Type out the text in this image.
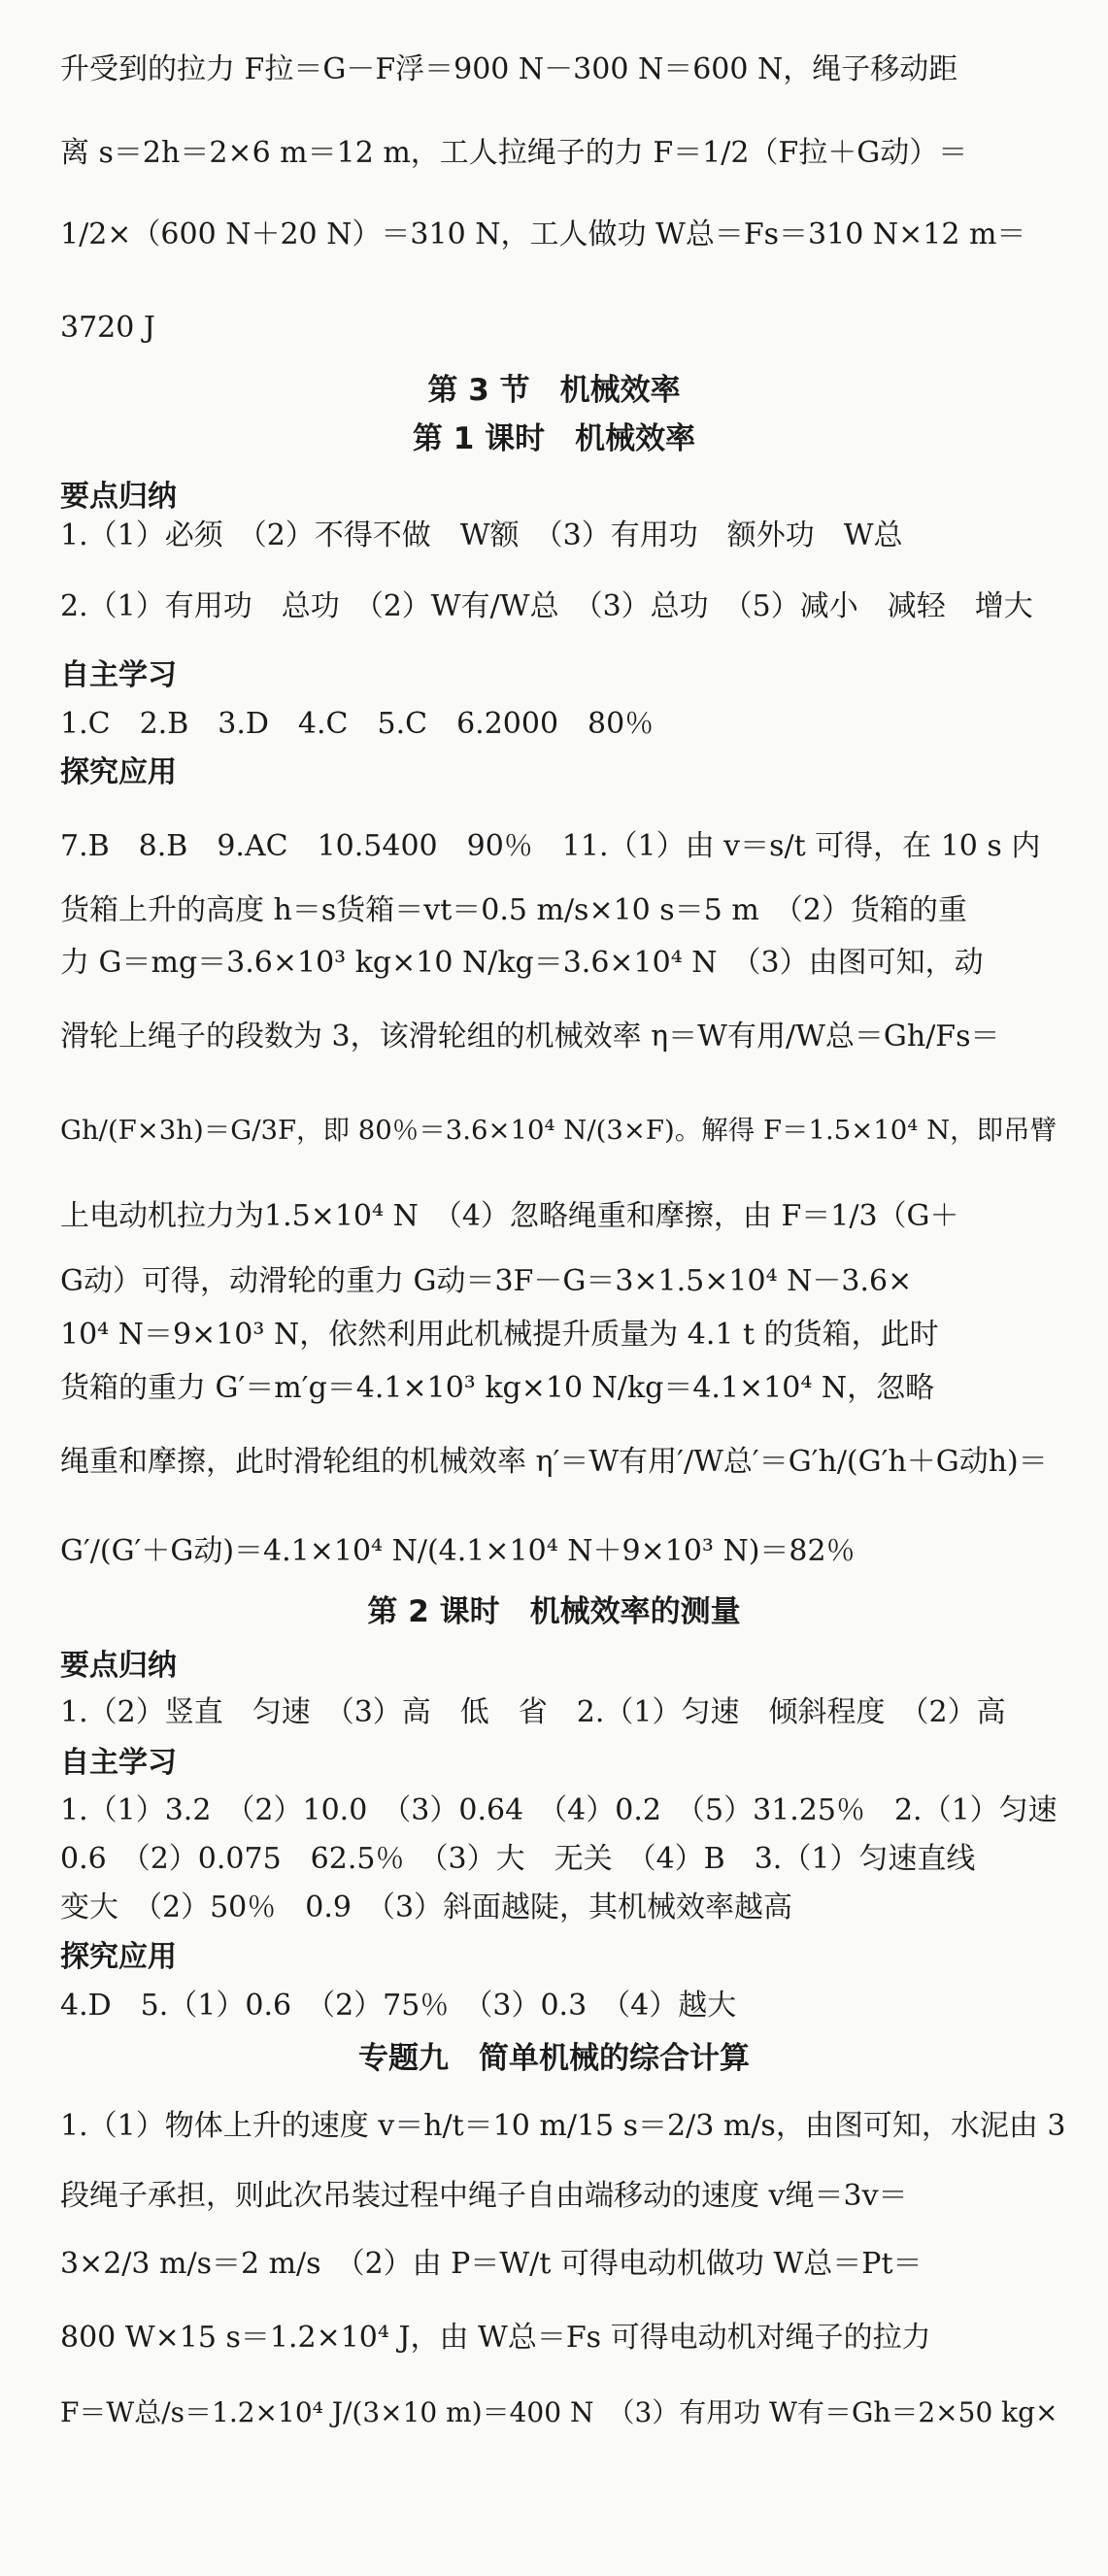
升受到的拉力 F拉＝G－F浮＝900 N－300 N＝600 N，绳子移动距
离 s＝2h＝2×6 m＝12 m，工人拉绳子的力 F＝1/2（F拉＋G动）＝
1/2×（600 N＋20 N）＝310 N，工人做功 W总＝Fs＝310 N×12 m＝
3720 J
第 3 节　机械效率
第 1 课时　机械效率
要点归纳
1.（1）必须　（2）不得不做　W额　（3）有用功　额外功　W总
2.（1）有用功　总功　（2）W有/W总　（3）总功　（5）减小　减轻　增大
自主学习
1.C　2.B　3.D　4.C　5.C　6.2000　80％
探究应用
7.B　8.B　9.AC　10.5400　90％　11.（1）由 v＝s/t 可得，在 10 s 内
货箱上升的高度 h＝s货箱＝vt＝0.5 m/s×10 s＝5 m　（2）货箱的重
力 G＝mg＝3.6×10³ kg×10 N/kg＝3.6×10⁴ N　（3）由图可知，动
滑轮上绳子的段数为 3，该滑轮组的机械效率 η＝W有用/W总＝Gh/Fs＝
Gh/(F×3h)＝G/3F，即 80％＝3.6×10⁴ N/(3×F)。解得 F＝1.5×10⁴ N，即吊臂
上电动机拉力为1.5×10⁴ N　（4）忽略绳重和摩擦，由 F＝1/3（G＋
G动）可得，动滑轮的重力 G动＝3F－G＝3×1.5×10⁴ N－3.6×
10⁴ N＝9×10³ N，依然利用此机械提升质量为 4.1 t 的货箱，此时
货箱的重力 G′＝m′g＝4.1×10³ kg×10 N/kg＝4.1×10⁴ N，忽略
绳重和摩擦，此时滑轮组的机械效率 η′＝W有用′/W总′＝G′h/(G′h＋G动h)＝
G′/(G′＋G动)＝4.1×10⁴ N/(4.1×10⁴ N＋9×10³ N)＝82％
第 2 课时　机械效率的测量
要点归纳
1.（2）竖直　匀速　（3）高　低　省　2.（1）匀速　倾斜程度　（2）高
自主学习
1.（1）3.2　（2）10.0　（3）0.64　（4）0.2　（5）31.25％　2.（1）匀速
0.6　（2）0.075　62.5％　（3）大　无关　（4）B　3.（1）匀速直线
变大　（2）50％　0.9　（3）斜面越陡，其机械效率越高
探究应用
4.D　5.（1）0.6　（2）75％　（3）0.3　（4）越大
专题九　简单机械的综合计算
1.（1）物体上升的速度 v＝h/t＝10 m/15 s＝2/3 m/s，由图可知，水泥由 3
段绳子承担，则此次吊装过程中绳子自由端移动的速度 v绳＝3v＝
3×2/3 m/s＝2 m/s　（2）由 P＝W/t 可得电动机做功 W总＝Pt＝
800 W×15 s＝1.2×10⁴ J，由 W总＝Fs 可得电动机对绳子的拉力
F＝W总/s＝1.2×10⁴ J/(3×10 m)＝400 N　（3）有用功 W有＝Gh＝2×50 kg×
